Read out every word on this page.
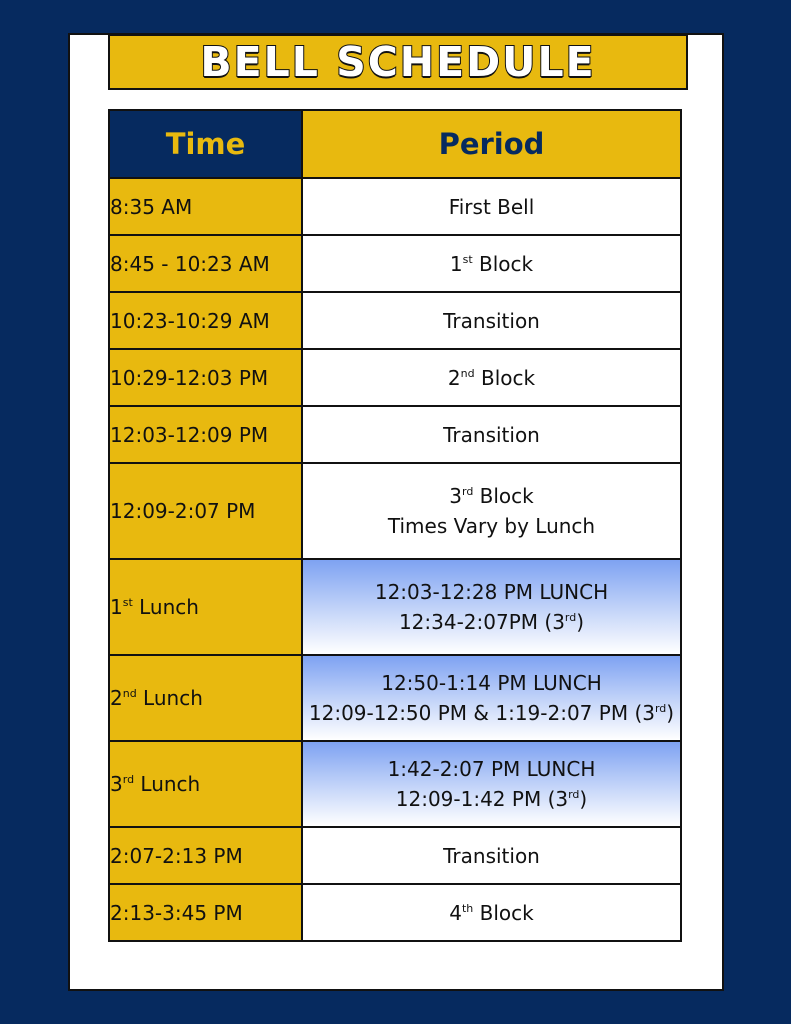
BELL SCHEDULE
Time	Period
8:35 AM	First Bell
8:45 - 10:23 AM	1st Block
10:23-10:29 AM	Transition
10:29-12:03 PM	2nd Block
12:03-12:09 PM	Transition
12:09-2:07 PM	3rd Block
Times Vary by Lunch

1st Lunch	12:03-12:28 PM LUNCH
12:34-2:07PM (3rd)

2nd Lunch	12:50-1:14 PM LUNCH
12:09-12:50 PM & 1:19-2:07 PM (3rd)

3rd Lunch	1:42-2:07 PM LUNCH
12:09-1:42 PM (3rd)

2:07-2:13 PM	Transition
2:13-3:45 PM	4th Block
